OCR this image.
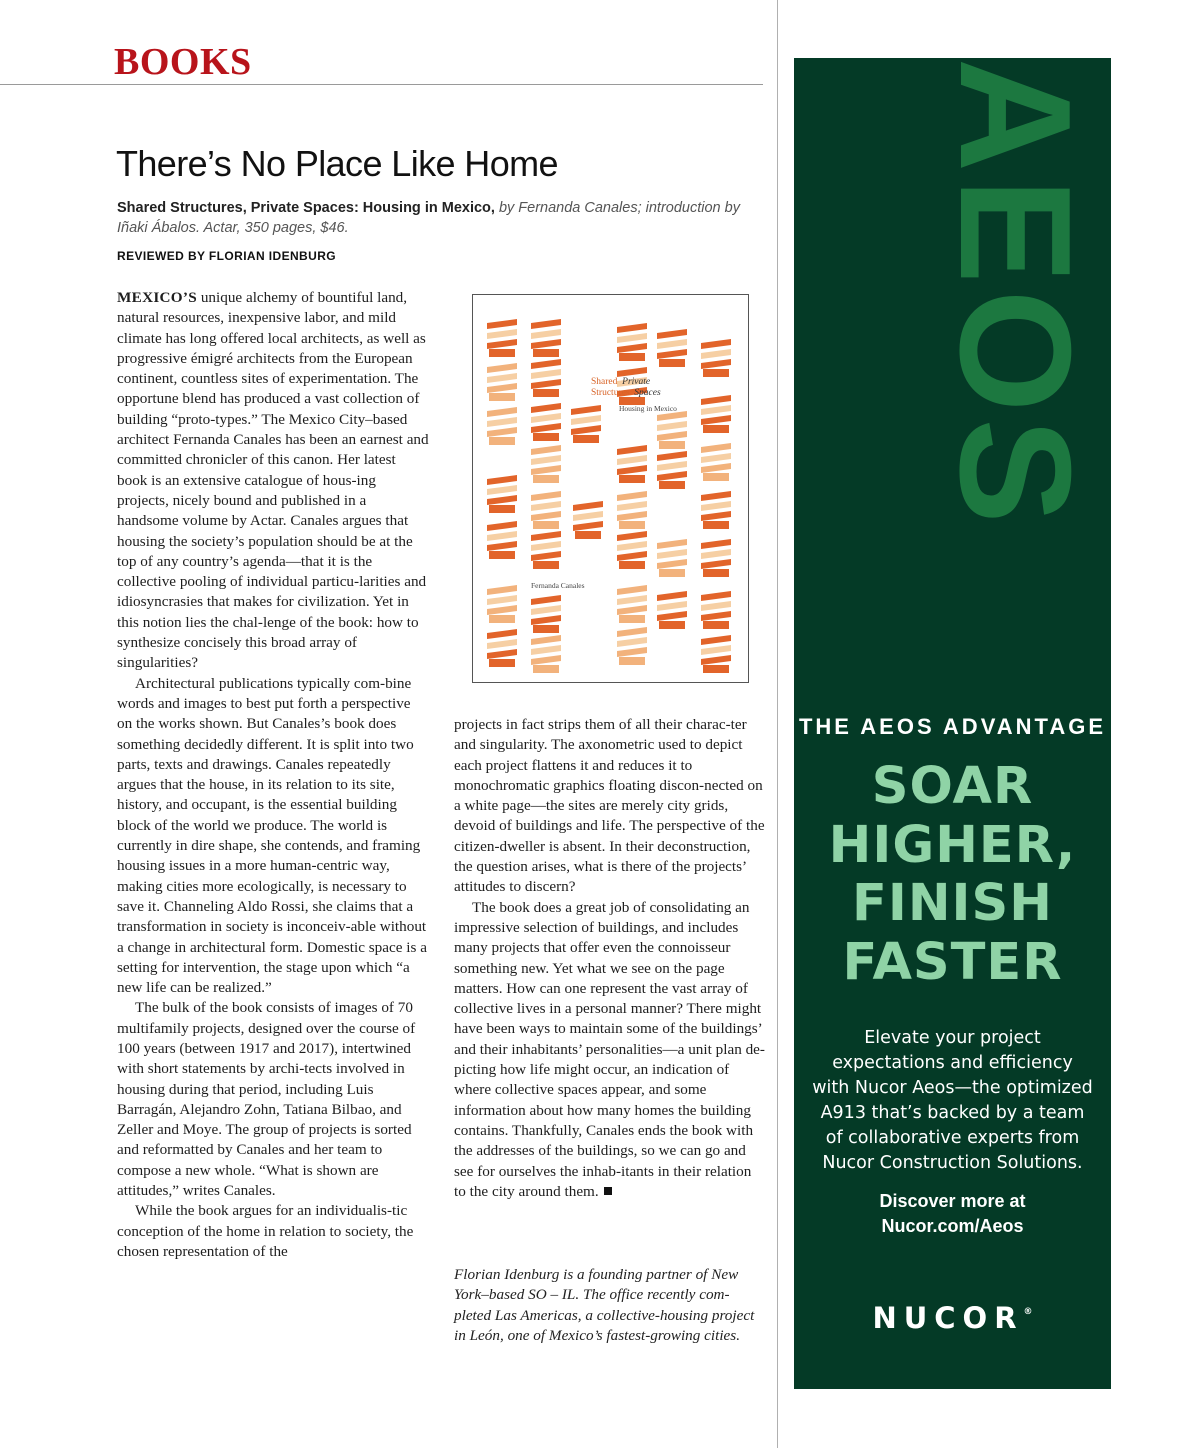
BOOKS
There’s No Place Like Home
Shared Structures, Private Spaces: Housing in Mexico, by Fernanda Canales; introduction by Iñaki Ábalos. Actar, 350 pages, $46.
REVIEWED BY FLORIAN IDENBURG

MEXICO’S unique alchemy of bountiful land, natural resources, inexpensive labor, and mild climate has long offered local architects, as well as progressive émigré architects from the European continent, countless sites of experimentation. The opportune blend has produced a vast collection of building “proto-types.” The Mexico City–based architect Fernanda Canales has been an earnest and committed chronicler of this canon. Her latest book is an extensive catalogue of hous-ing projects, nicely bound and published in a handsome volume by Actar. Canales argues that housing the society’s population should be at the top of any country’s agenda—that it is the collective pooling of individual particu-larities and idiosyncrasies that makes for civilization. Yet in this notion lies the chal-lenge of the book: how to synthesize concisely this broad array of singularities?

Architectural publications typically com-bine words and images to best put forth a perspective on the works shown. But Canales’s book does something decidedly different. It is split into two parts, texts and drawings. Canales repeatedly argues that the house, in its relation to its site, history, and occupant, is the essential building block of the world we produce. The world is currently in dire shape, she contends, and framing housing issues in a more human-centric way, making cities more ecologically, is necessary to save it. Channeling Aldo Rossi, she claims that a transformation in society is inconceiv-able without a change in architectural form. Domestic space is a setting for intervention, the stage upon which “a new life can be realized.”

The bulk of the book consists of images of 70 multifamily projects, designed over the course of 100 years (between 1917 and 2017), intertwined with short statements by archi-tects involved in housing during that period, including Luis Barragán, Alejandro Zohn, Tatiana Bilbao, and Zeller and Moye. The group of projects is sorted and reformatted by Canales and her team to compose a new whole. “What is shown are attitudes,” writes Canales.

While the book argues for an individualis-tic conception of the home in relation to society, the chosen representation of the

Shared Private
Structures Spaces
Housing in Mexico
Fernanda Canales

projects in fact strips them of all their charac-ter and singularity. The axonometric used to depict each project flattens it and reduces it to monochromatic graphics floating discon-nected on a white page—the sites are merely city grids, devoid of buildings and life. The perspective of the citizen-dweller is absent. In their deconstruction, the question arises, what is there of the projects’ attitudes to discern?

The book does a great job of consolidating an impressive selection of buildings, and includes many projects that offer even the connoisseur something new. Yet what we see on the page matters. How can one represent the vast array of collective lives in a personal manner? There might have been ways to maintain some of the buildings’ and their inhabitants’ personalities—a unit plan de-picting how life might occur, an indication of where collective spaces appear, and some information about how many homes the building contains. Thankfully, Canales ends the book with the addresses of the buildings, so we can go and see for ourselves the inhab-itants in their relation to the city around them.

Florian Idenburg is a founding partner of New York–based SO – IL. The office recently com-pleted Las Americas, a collective-housing project in León, one of Mexico’s fastest-growing cities.

AEOS
THE AEOS ADVANTAGE
SOAR
HIGHER,
FINISH
FASTER
Elevate your project
expectations and efficiency
with Nucor Aeos—the optimized
A913 that’s backed by a team
of collaborative experts from
Nucor Construction Solutions.
Discover more at
Nucor.com/Aeos
NUCOR®
